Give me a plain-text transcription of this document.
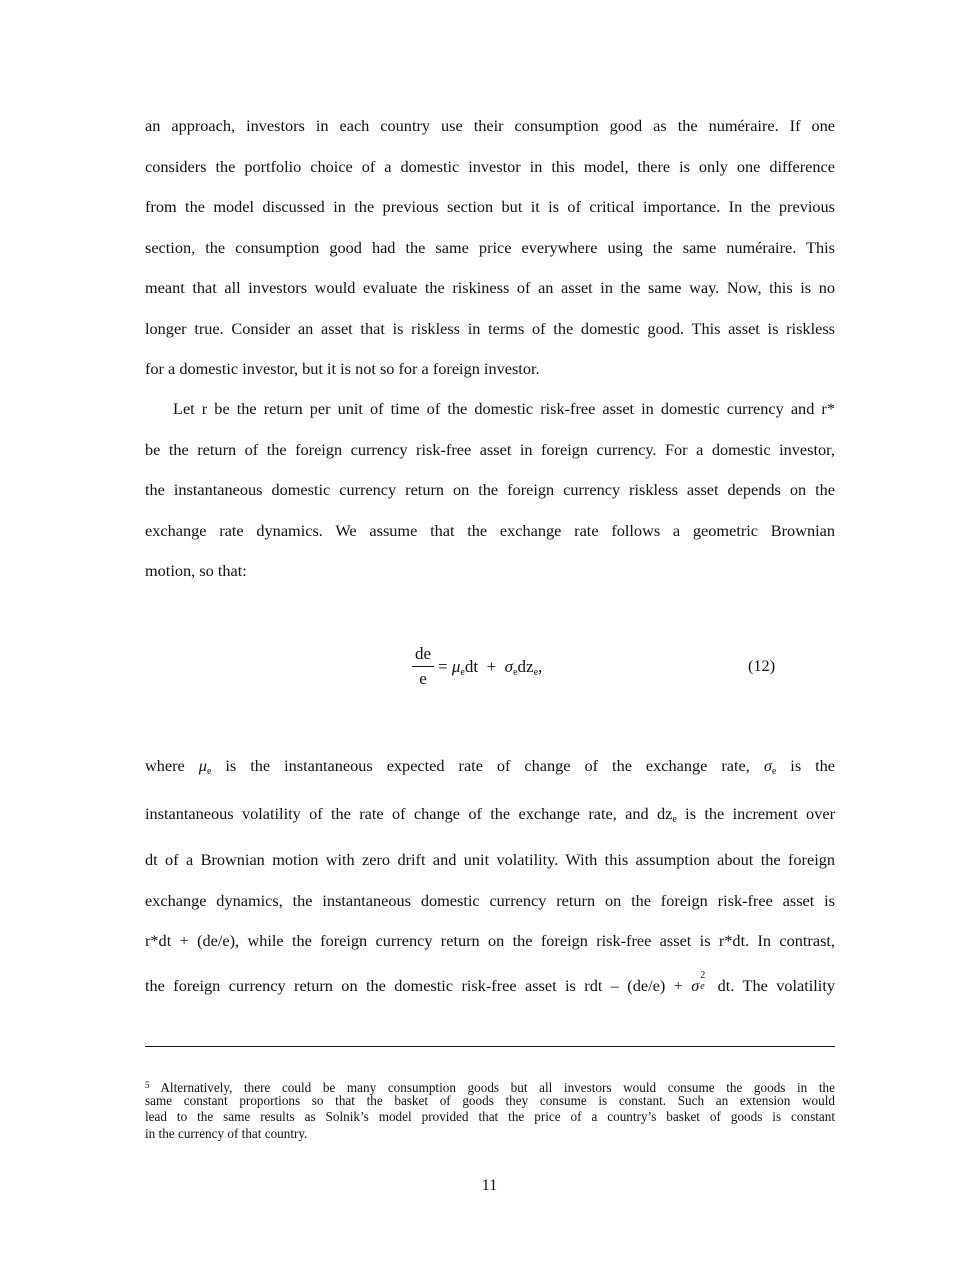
an approach, investors in each country use their consumption good as the numéraire. If one
considers the portfolio choice of a domestic investor in this model, there is only one difference
from the model discussed in the previous section but it is of critical importance. In the previous
section, the consumption good had the same price everywhere using the same numéraire. This
meant that all investors would evaluate the riskiness of an asset in the same way. Now, this is no
longer true. Consider an asset that is riskless in terms of the domestic good. This asset is riskless
for a domestic investor, but it is not so for a foreign investor.
Let r be the return per unit of time of the domestic risk-free asset in domestic currency and r*
be the return of the foreign currency risk-free asset in foreign currency. For a domestic investor,
the instantaneous domestic currency return on the foreign currency riskless asset depends on the
exchange rate dynamics. We assume that the exchange rate follows a geometric Brownian
motion, so that:
de
e
= $\mu_edt + \sigma_edz_e$,	(12)
where $\mu_e$ is the instantaneous expected rate of change of the exchange rate, $\sigma_e$ is the
instantaneous volatility of the rate of change of the exchange rate, and $dz_e$ is the increment over
dt of a Brownian motion with zero drift and unit volatility. With this assumption about the foreign
exchange dynamics, the instantaneous domestic currency return on the foreign risk-free asset is
r*dt + (de/e), while the foreign currency return on the foreign risk-free asset is r*dt. In contrast,
the foreign currency return on the domestic risk-free asset is rdt – (de/e) + σ
2
e dt. The volatility
$^5$ Alternatively, there could be many consumption goods but all investors would consume the goods in the
same constant proportions so that the basket of goods they consume is constant. Such an extension would
lead to the same results as Solnik’s model provided that the price of a country’s basket of goods is constant
in the currency of that country.
11
